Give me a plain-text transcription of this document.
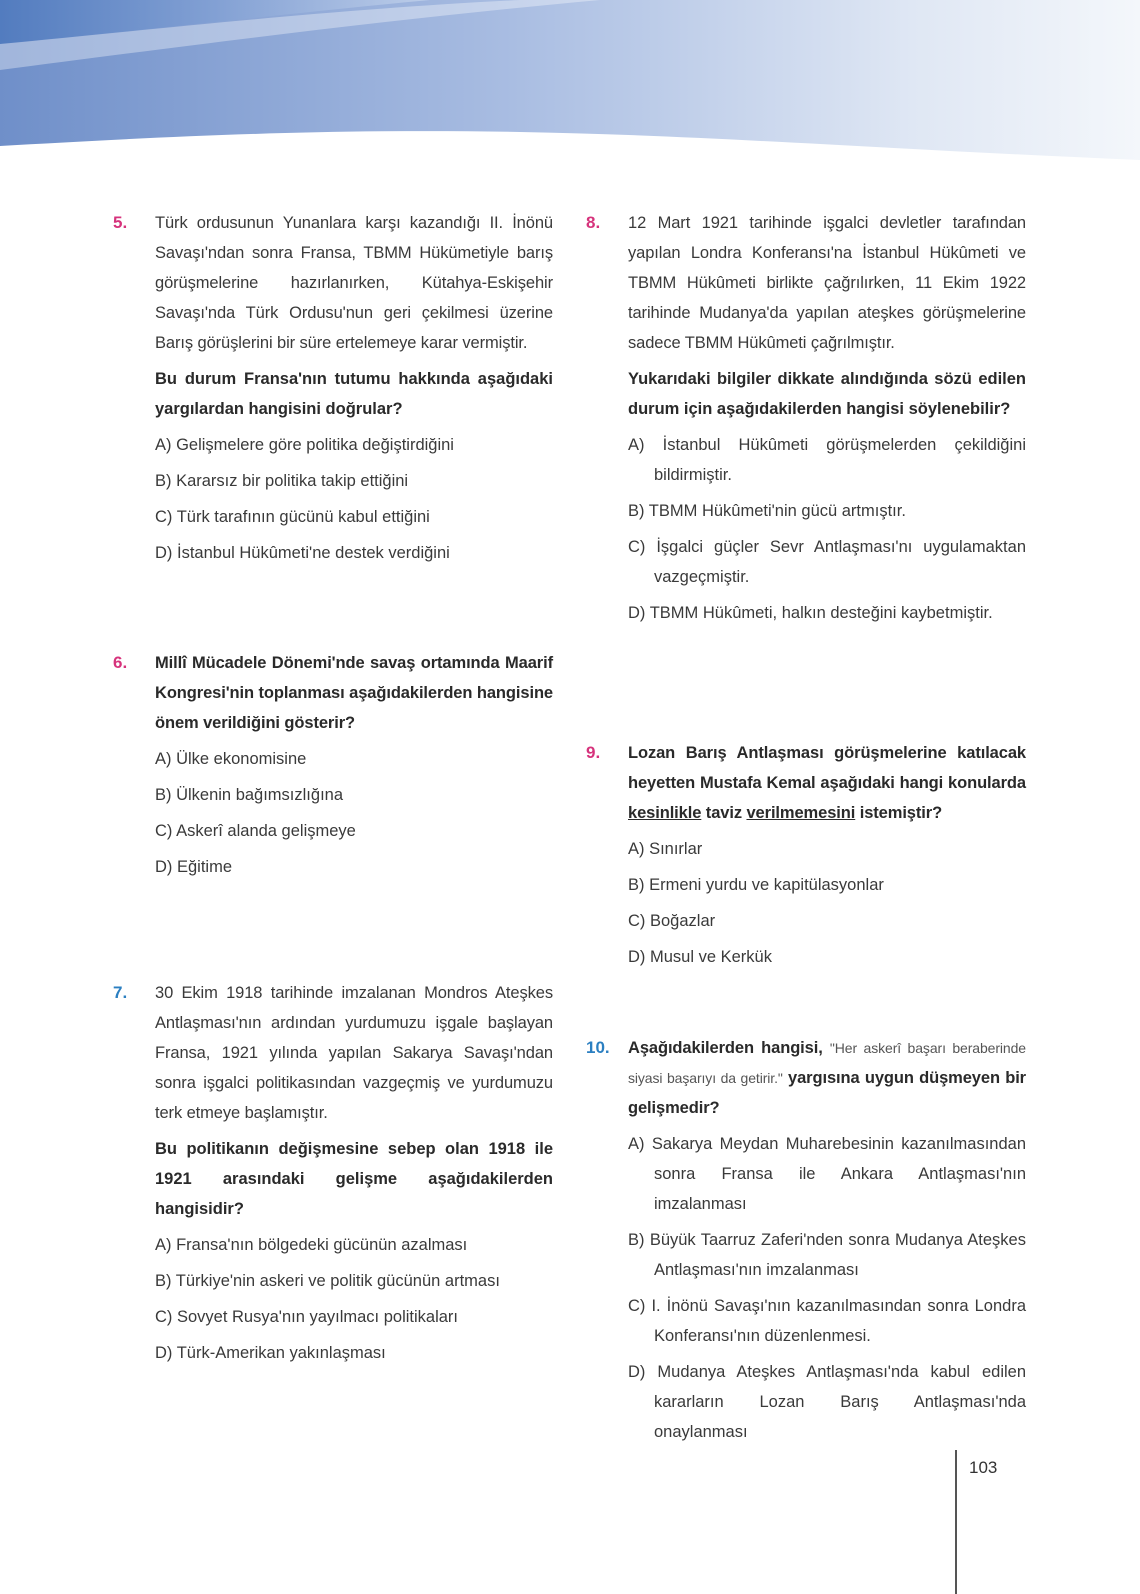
5. Türk ordusunun Yunanlara karşı kazandığı II. İnönü Savaşı'ndan sonra Fransa, TBMM Hükümetiyle barış görüşmelerine hazırlanırken, Kütahya-Eskişehir Savaşı'nda Türk Ordusu'nun geri çekilmesi üzerine Barış görüşlerini bir süre ertelemeye karar vermiştir.
Bu durum Fransa'nın tutumu hakkında aşağıdaki yargılardan hangisini doğrular?
A) Gelişmelere göre politika değiştirdiğini
B) Kararsız bir politika takip ettiğini
C) Türk tarafının gücünü kabul ettiğini
D) İstanbul Hükûmeti'ne destek verdiğini
6. Millî Mücadele Dönemi'nde savaş ortamında Maarif Kongresi'nin toplanması aşağıdakilerden hangisine önem verildiğini gösterir?
A) Ülke ekonomisine
B) Ülkenin bağımsızlığına
C) Askerî alanda gelişmeye
D) Eğitime
7. 30 Ekim 1918 tarihinde imzalanan Mondros Ateşkes Antlaşması'nın ardından yurdumuzu işgale başlayan Fransa, 1921 yılında yapılan Sakarya Savaşı'ndan sonra işgalci politikasından vazgeçmiş ve yurdumuzu terk etmeye başlamıştır.
Bu politikanın değişmesine sebep olan 1918 ile 1921 arasındaki gelişme aşağıdakilerden hangisidir?
A) Fransa'nın bölgedeki gücünün azalması
B) Türkiye'nin askeri ve politik gücünün artması
C) Sovyet Rusya'nın yayılmacı politikaları
D) Türk-Amerikan yakınlaşması
8. 12 Mart 1921 tarihinde işgalci devletler tarafından yapılan Londra Konferansı'na İstanbul Hükûmeti ve TBMM Hükûmeti birlikte çağrılırken, 11 Ekim 1922 tarihinde Mudanya'da yapılan ateşkes görüşmelerine sadece TBMM Hükûmeti çağrılmıştır.
Yukarıdaki bilgiler dikkate alındığında sözü edilen durum için aşağıdakilerden hangisi söylenebilir?
A) İstanbul Hükûmeti görüşmelerden çekildiğini bildirmiştir.
B) TBMM Hükûmeti'nin gücü artmıştır.
C) İşgalci güçler Sevr Antlaşması'nı uygulamaktan vazgeçmiştir.
D) TBMM Hükûmeti, halkın desteğini kaybetmiştir.
9. Lozan Barış Antlaşması görüşmelerine katılacak heyetten Mustafa Kemal aşağıdaki hangi konularda kesinlikle taviz verilmemesini istemiştir?
A) Sınırlar
B) Ermeni yurdu ve kapitülasyonlar
C) Boğazlar
D) Musul ve Kerkük
10. Aşağıdakilerden hangisi, "Her askerî başarı beraberinde siyasi başarıyı da getirir." yargısına uygun düşmeyen bir gelişmedir?
A) Sakarya Meydan Muharebesinin kazanılmasından sonra Fransa ile Ankara Antlaşması'nın imzalanması
B) Büyük Taarruz Zaferi'nden sonra Mudanya Ateşkes Antlaşması'nın imzalanması
C) I. İnönü Savaşı'nın kazanılmasından sonra Londra Konferansı'nın düzenlenmesi.
D) Mudanya Ateşkes Antlaşması'nda kabul edilen kararların Lozan Barış Antlaşması'nda onaylanması
103
